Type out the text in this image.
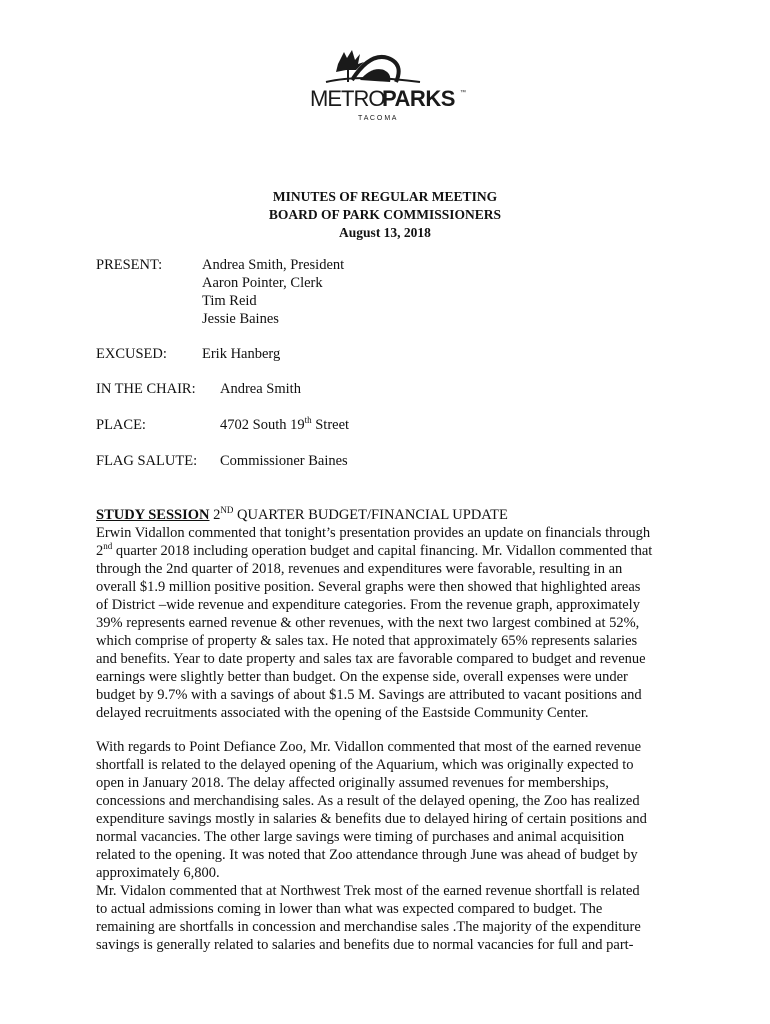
METRO
PARKS ™
T A C O M A
MINUTES OF REGULAR MEETING
BOARD OF PARK COMMISSIONERS
August 13, 2018
PRESENT:	Andrea Smith, President
Aaron Pointer, Clerk
Tim Reid
Jessie Baines
EXCUSED: Erik Hanberg
IN THE CHAIR: Andrea Smith
PLACE:	4702 South 19th Street
FLAG SALUTE: Commissioner Baines
STUDY SESSION 2ND QUARTER BUDGET/FINANCIAL UPDATE
Erwin Vidallon commented that tonight’s presentation provides an update on financials through
2nd quarter 2018 including operation budget and capital financing. Mr. Vidallon commented that
through the 2nd quarter of 2018, revenues and expenditures were favorable, resulting in an
overall $1.9 million positive position. Several graphs were then showed that highlighted areas
of District –wide revenue and expenditure categories. From the revenue graph, approximately
39% represents earned revenue & other revenues, with the next two largest combined at 52%,
which comprise of property & sales tax. He noted that approximately 65% represents salaries
and benefits. Year to date property and sales tax are favorable compared to budget and revenue
earnings were slightly better than budget. On the expense side, overall expenses were under
budget by 9.7% with a savings of about $1.5 M. Savings are attributed to vacant positions and
delayed recruitments associated with the opening of the Eastside Community Center.
With regards to Point Defiance Zoo, Mr. Vidallon commented that most of the earned revenue
shortfall is related to the delayed opening of the Aquarium, which was originally expected to
open in January 2018. The delay affected originally assumed revenues for memberships,
concessions and merchandising sales. As a result of the delayed opening, the Zoo has realized
expenditure savings mostly in salaries & benefits due to delayed hiring of certain positions and
normal vacancies. The other large savings were timing of purchases and animal acquisition
related to the opening. It was noted that Zoo attendance through June was ahead of budget by
approximately 6,800.
Mr. Vidalon commented that at Northwest Trek most of the earned revenue shortfall is related
to actual admissions coming in lower than what was expected compared to budget. The
remaining are shortfalls in concession and merchandise sales .The majority of the expenditure
savings is generally related to salaries and benefits due to normal vacancies for full and part-
